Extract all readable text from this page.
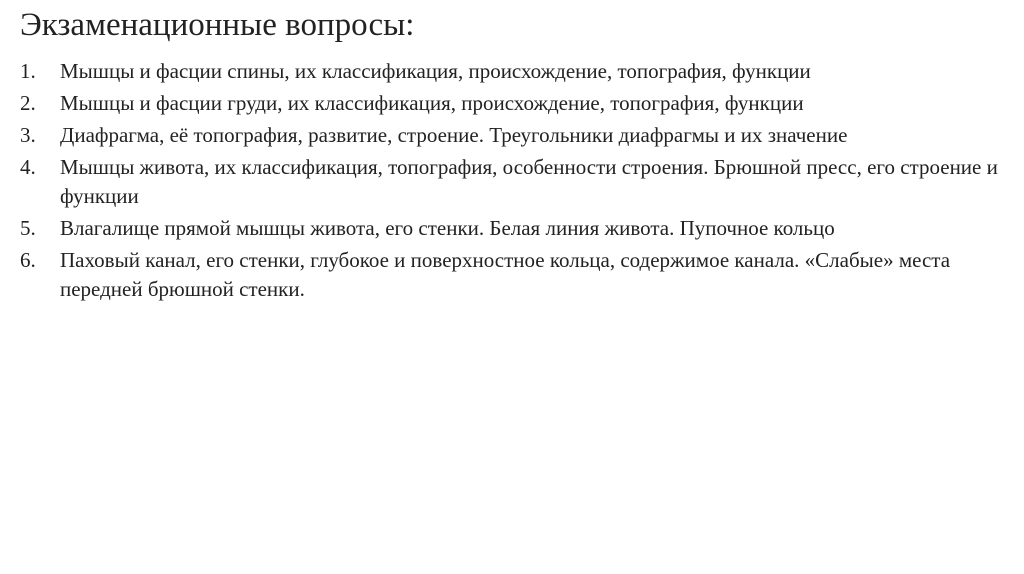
Экзаменационные вопросы:
1.	Мышцы и фасции спины, их классификация, происхождение, топография, функции
2.	Мышцы и фасции груди, их классификация, происхождение, топография, функции
3.	Диафрагма, её топография, развитие, строение. Треугольники диафрагмы и их значение
4.	Мышцы живота, их классификация, топография, особенности строения. Брюшной пресс, его строение и функции
5.	Влагалище прямой мышцы живота, его стенки. Белая линия живота. Пупочное кольцо
6.	Паховый канал, его стенки, глубокое и поверхностное кольца, содержимое канала. «Слабые» места передней брюшной стенки.
